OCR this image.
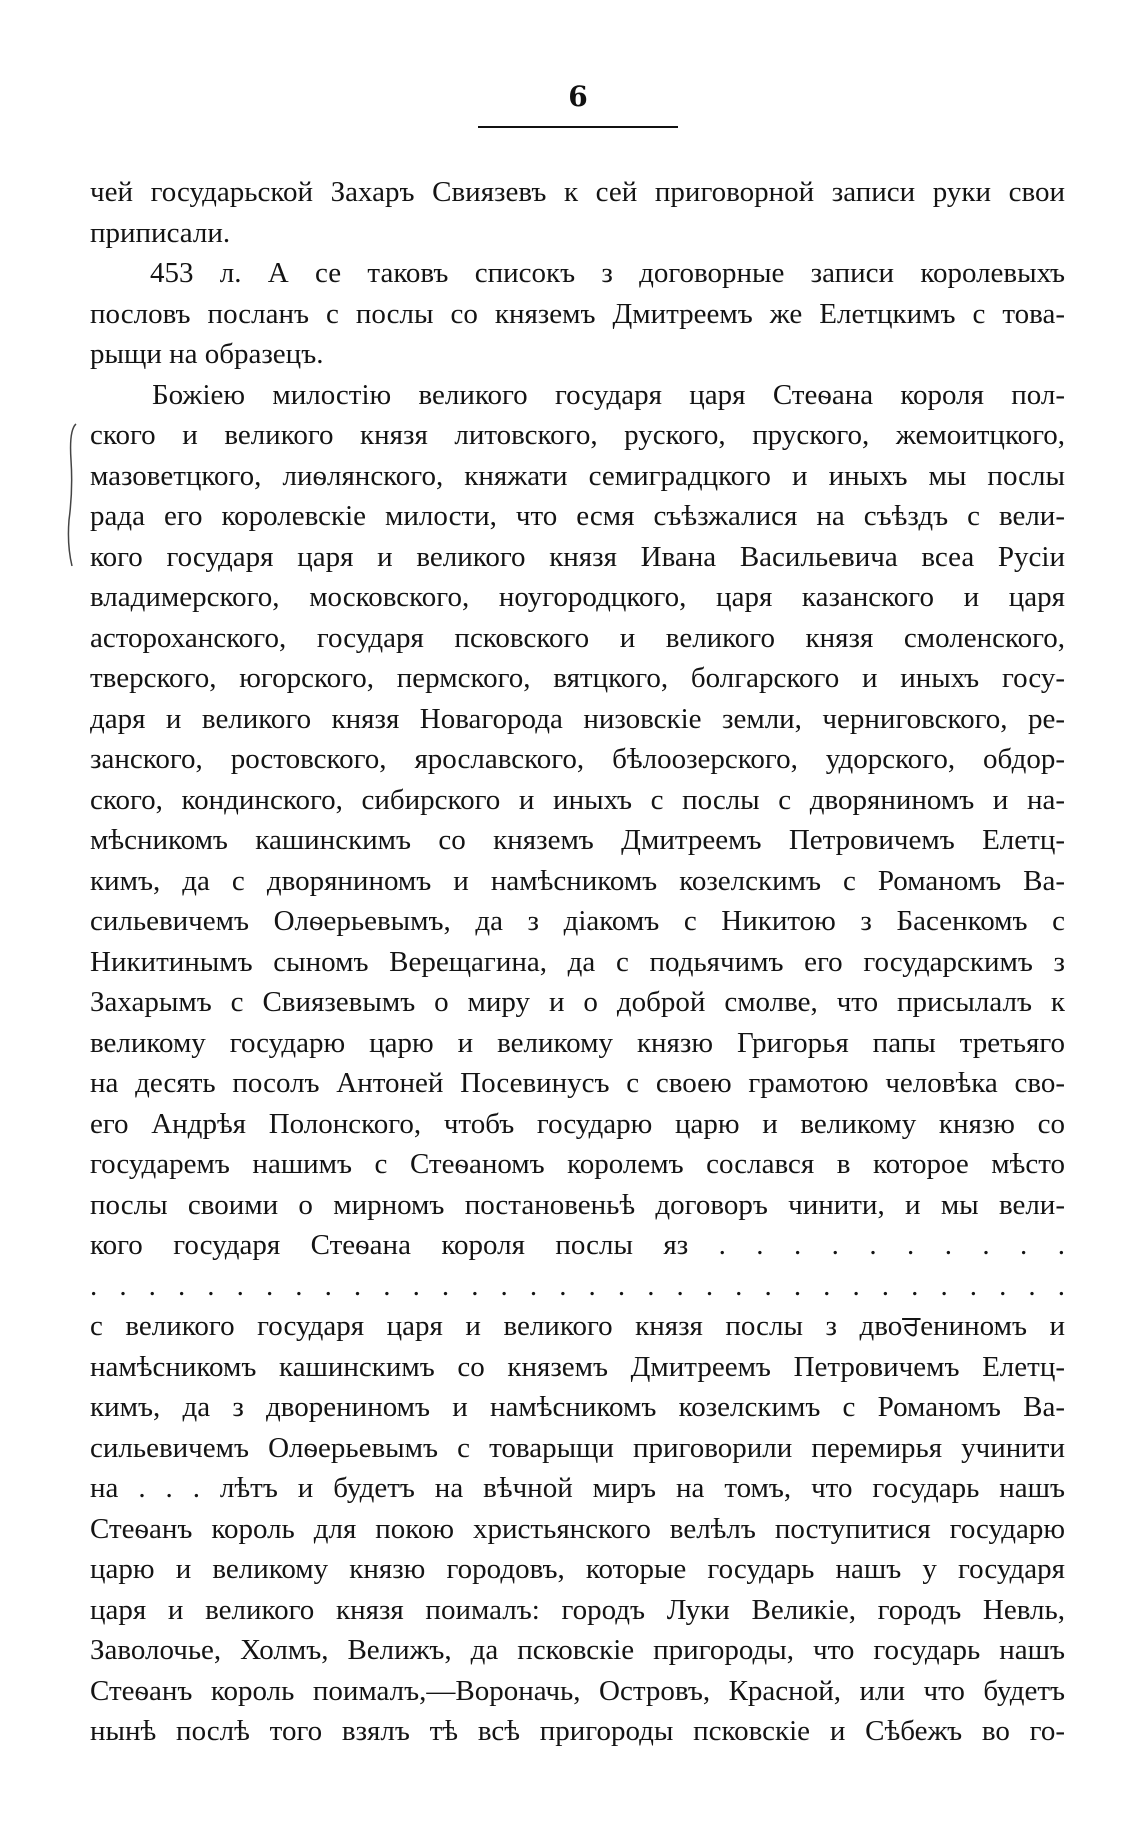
6
чей государьской Захаръ Свиязевъ к сей приговорной записи руки свои
приписали.
453 л. А се таковъ списокъ з договорные записи королевыхъ
пословъ посланъ с послы со княземъ Дмитреемъ же Елетцкимъ с това-
рыщи на образецъ.
Божiею милостiю великого государя царя Стеѳана короля пол-
ского и великого князя литовского, руского, пруского, жемоитцкого,
мазоветцкого, лиѳлянского, княжати семиградцкого и иныхъ мы послы
рада его королевскiе милости, что есмя съѣзжалися на съѣздъ с вели-
кого государя царя и великого князя Ивана Васильевича всеа Русiи
владимерского, московского, ноугородцкого, царя казанского и царя
астороханского, государя псковского и великого князя смоленского,
тверского, югорского, пермского, вятцкого, болгарского и иныхъ госу-
даря и великого князя Новагорода низовскiе земли, черниговского, ре-
занского, ростовского, ярославского, бѣлоозерского, удорского, обдор-
ского, кондинского, сибирского и иныхъ с послы с дворяниномъ и на-
мѣсникомъ кашинскимъ со княземъ Дмитреемъ Петровичемъ Елетц-
кимъ, да с дворяниномъ и намѣсникомъ козелскимъ с Романомъ Ва-
сильевичемъ Олѳерьевымъ, да з дiакомъ с Никитою з Басенкомъ с
Никитинымъ сыномъ Верещагина, да с подьячимъ его государскимъ з
Захарымъ с Свиязевымъ о миру и о доброй смолве, что присылалъ к
великому государю царю и великому князю Григорья папы третьяго
на десять посолъ Антоней Посевинусъ с своею грамотою человѣка сво-
его Андрѣя Полонского, чтобъ государю царю и великому князю со
государемъ нашимъ с Стеѳаномъ королемъ сослався в которое мѣсто
послы своими о мирномъ постановеньѣ договоръ чинити, и мы вели-
кого государя Стеѳана короля послы яз . . . . . . . . . .
. . . . . . . . . . . . . . . . . . . . . . . . . . . . . . . . . .
с великого государя царя и великого князя послы з двоਰениномъ и
намѣсникомъ кашинскимъ со княземъ Дмитреемъ Петровичемъ Елетц-
кимъ, да з дворениномъ и намѣсникомъ козелскимъ с Романомъ Ва-
сильевичемъ Олѳерьевымъ с товарыщи приговорили перемирья учинити
на . . . лѣтъ и будетъ на вѣчной миръ на томъ, что государь нашъ
Стеѳанъ король для покою христьянского велѣлъ поступитися государю
царю и великому князю городовъ, которые государь нашъ у государя
царя и великого князя поималъ: городъ Луки Великiе, городъ Невль,
Заволочье, Холмъ, Велижъ, да псковскiе пригороды, что государь нашъ
Стеѳанъ король поималъ,—Вороначь, Островъ, Красной, или что будетъ
нынѣ послѣ того взялъ тѣ всѣ пригороды псковскiе и Сѣбежъ во го-
